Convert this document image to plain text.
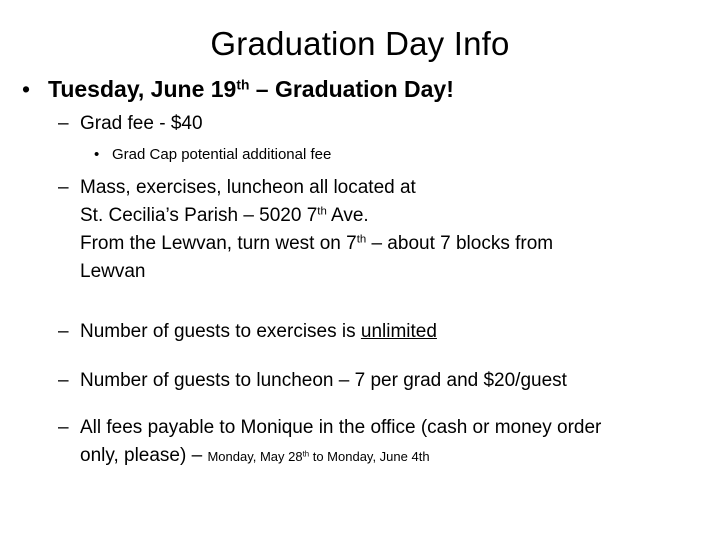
Graduation Day Info
• Tuesday, June 19th – Graduation Day!
– Grad fee - $40
• Grad Cap potential additional fee
– Mass, exercises, luncheon all located at
St. Cecilia’s Parish – 5020 7th Ave.
From the Lewvan, turn west on 7th – about 7 blocks from
Lewvan
– Number of guests to exercises is unlimited
– Number of guests to luncheon – 7 per grad and $20/guest
– All fees payable to Monique in the office (cash or money order
only, please) – Monday, May 28th to Monday, June 4th
